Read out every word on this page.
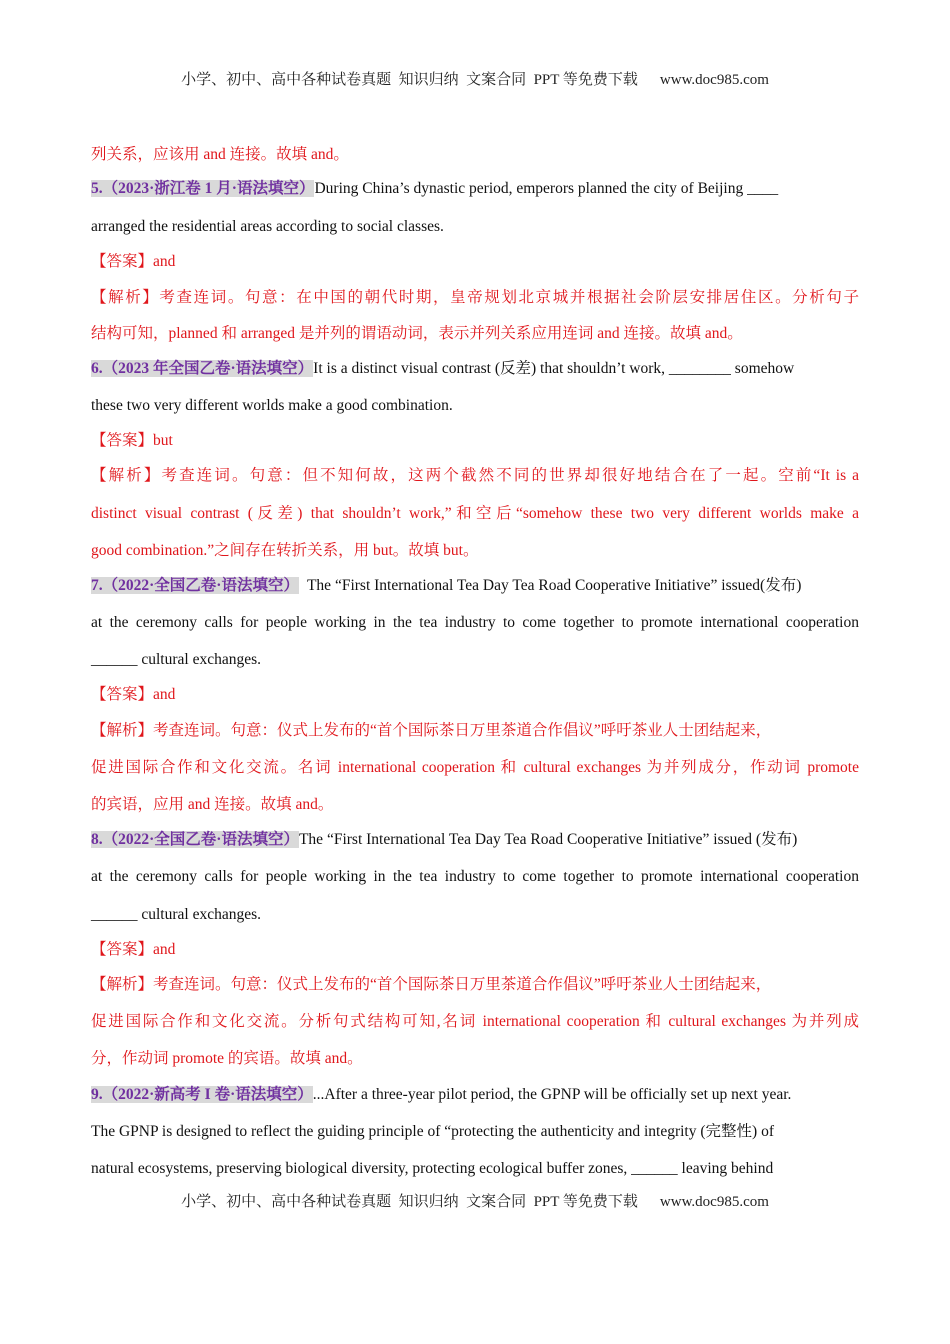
小学、初中、高中各种试卷真题  知识归纳  文案合同  PPT 等免费下载 www.doc985.com
列关系，应该用 and 连接。故填 and。
5.（2023·浙江卷 1 月·语法填空）During China’s dynastic period, emperors planned the city of Beijing ____
arranged the residential areas according to social classes.
【答案】and
【解析】考查连词。句意：在中国的朝代时期，皇帝规划北京城并根据社会阶层安排居住区。分析句子
结构可知，planned 和 arranged 是并列的谓语动词，表示并列关系应用连词 and 连接。故填 and。
6.（2023 年全国乙卷·语法填空）It is a distinct visual contrast (反差) that shouldn’t work, ________ somehow
these two very different worlds make a good combination.
【答案】but
【解析】考查连词。句意：但不知何故，这两个截然不同的世界却很好地结合在了一起。空前“It is a
distinct visual contrast (反差) that shouldn’t work,”和空后“somehow these two very different worlds make a
good combination.”之间存在转折关系，用 but。故填 but。
7.（2022·全国乙卷·语法填空） The “First International Tea Day Tea Road Cooperative Initiative” issued(发布)
at the ceremony calls for people working in the tea industry to come together to promote international cooperation
______ cultural exchanges.
【答案】and
【解析】考查连词。句意：仪式上发布的“首个国际茶日万里茶道合作倡议”呼吁茶业人士团结起来，
促进国际合作和文化交流。名词 international cooperation 和 cultural exchanges 为并列成分，作动词 promote
的宾语，应用 and 连接。故填 and。
8.（2022·全国乙卷·语法填空）The “First International Tea Day Tea Road Cooperative Initiative” issued (发布)
at the ceremony calls for people working in the tea industry to come together to promote international cooperation
______ cultural exchanges.
【答案】and
【解析】考查连词。句意：仪式上发布的“首个国际茶日万里茶道合作倡议”呼吁茶业人士团结起来，
促进国际合作和文化交流。分析句式结构可知,名词 international cooperation 和 cultural exchanges 为并列成
分，作动词 promote 的宾语。故填 and。
9.（2022·新高考 I 卷·语法填空）...After a three-year pilot period, the GPNP will be officially set up next year.
The GPNP is designed to reflect the guiding principle of “protecting the authenticity and integrity (完整性) of
natural ecosystems, preserving biological diversity, protecting ecological buffer zones, ______ leaving behind
小学、初中、高中各种试卷真题  知识归纳  文案合同  PPT 等免费下载 www.doc985.com
